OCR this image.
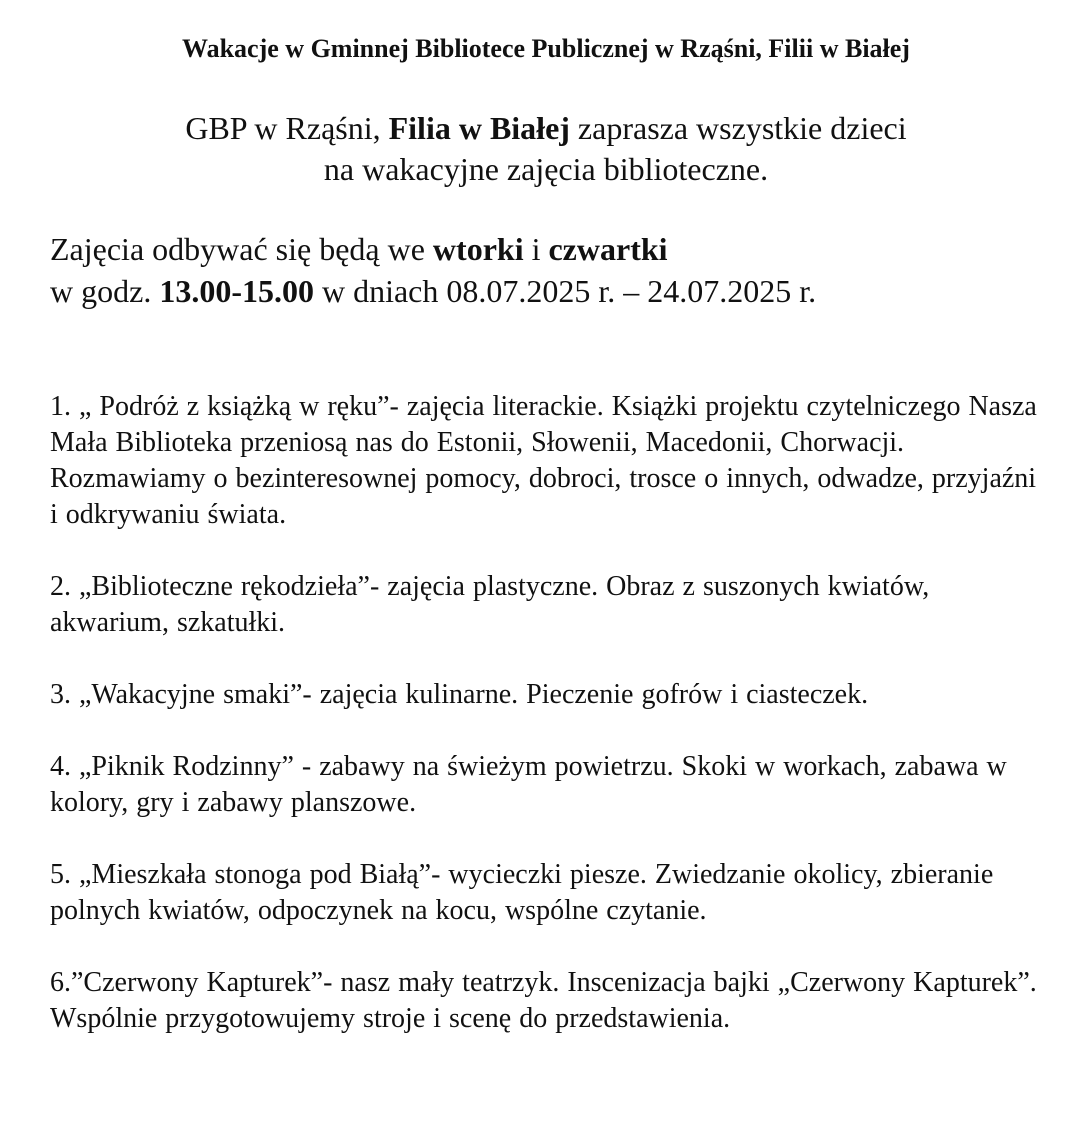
Wakacje w Gminnej Bibliotece Publicznej w Rząśni, Filii w Białej
GBP w Rząśni, Filia w Białej zaprasza wszystkie dzieci
na wakacyjne zajęcia biblioteczne.
Zajęcia odbywać się będą we wtorki i czwartki
w godz. 13.00-15.00 w dniach 08.07.2025 r. – 24.07.2025 r.
1. „ Podróż z książką w ręku”- zajęcia literackie. Książki projektu czytelniczego Nasza Mała Biblioteka przeniosą nas do Estonii, Słowenii, Macedonii, Chorwacji. Rozmawiamy o bezinteresownej pomocy, dobroci, trosce o innych, odwadze, przyjaźni i odkrywaniu świata.
2. „Biblioteczne rękodzieła”- zajęcia plastyczne. Obraz z suszonych kwiatów, akwarium, szkatułki.
3. „Wakacyjne smaki”- zajęcia kulinarne. Pieczenie gofrów i ciasteczek.
4. „Piknik Rodzinny” - zabawy na świeżym powietrzu. Skoki w workach, zabawa w kolory, gry i zabawy planszowe.
5. „Mieszkała stonoga pod Białą”- wycieczki piesze. Zwiedzanie okolicy, zbieranie polnych kwiatów, odpoczynek na kocu, wspólne czytanie.
6.”Czerwony Kapturek”- nasz mały teatrzyk. Inscenizacja bajki „Czerwony Kapturek”. Wspólnie przygotowujemy stroje i scenę do przedstawienia.
